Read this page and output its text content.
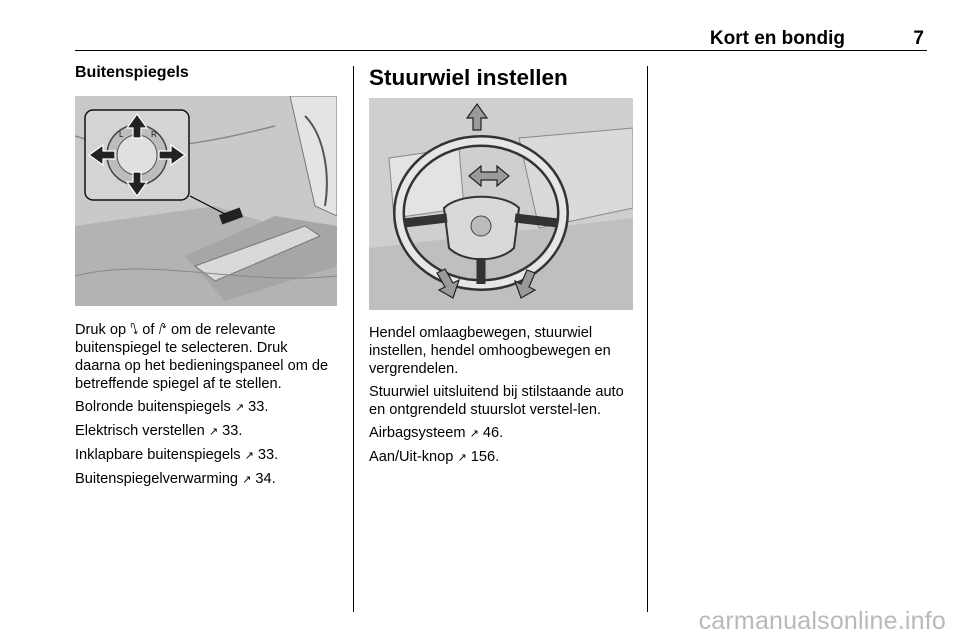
Kort en bondig	7
Buitenspiegels
L	R

Druk op ⭛ of ⭚ om de relevante buitenspiegel te selecteren. Druk daarna op het bedieningspaneel om de betreffende spiegel af te stellen.

Bolronde buitenspiegels ↗ 33.

Elektrisch verstellen ↗ 33.

Inklapbare buitenspiegels ↗ 33.

Buitenspiegelverwarming ↗ 34.

Stuurwiel instellen

Hendel omlaagbewegen, stuurwiel instellen, hendel omhoogbewegen en vergrendelen.

Stuurwiel uitsluitend bij stilstaande auto en ontgrendeld stuurslot verstel-len.

Airbagsysteem ↗ 46.

Aan/Uit-knop ↗ 156.

carmanualsonline.info
